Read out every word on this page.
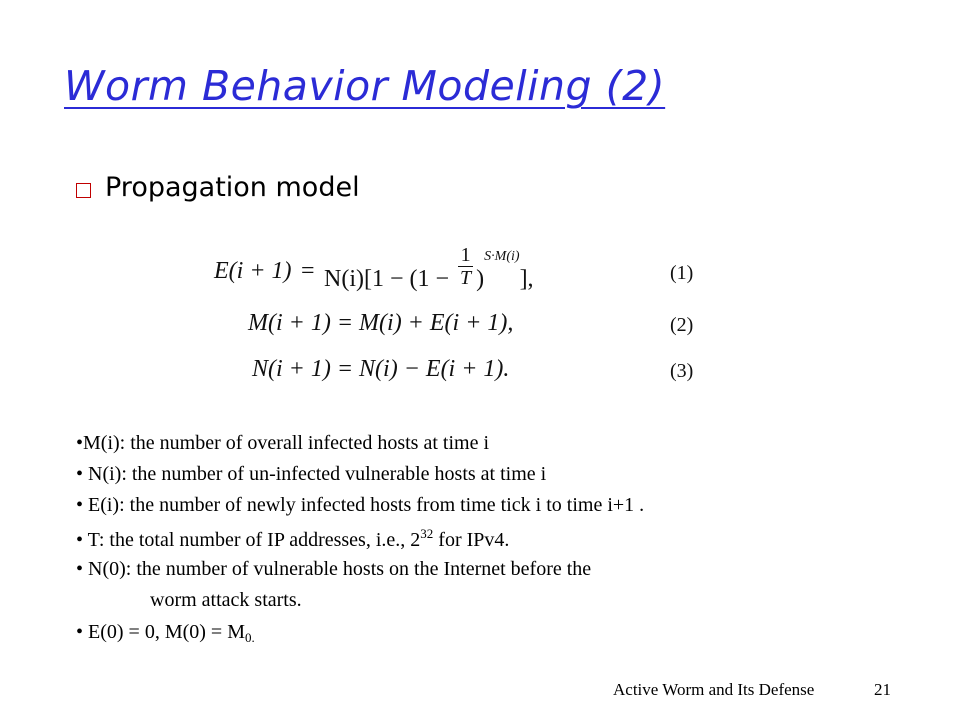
Worm Behavior Modeling (2)
Propagation model
$E(i + 1) = N(i)[1 - (1 - \frac{1}{T} )^{S\cdot M(i)}]$,	(1)
M(i + 1) = M(i) + E(i + 1),	(2)
N(i + 1) = N(i) − E(i + 1).	(3)
•M(i): the number of overall infected hosts at time i
• N(i): the number of un-infected vulnerable hosts at time i
• E(i): the number of newly infected hosts from time tick i to time i+1 .
• T: the total number of IP addresses, i.e., $2^{32}$ for IPv4.
• N(0): the number of vulnerable hosts on the Internet before the
worm attack starts.
• E(0) = 0, $M(0) = M_{0.}$
Active Worm and Its Defense	21
